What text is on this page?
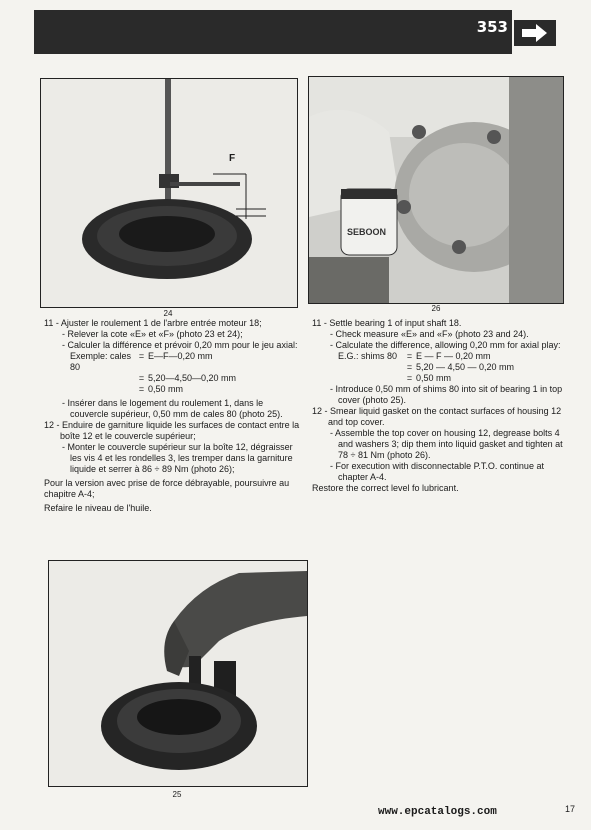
353
F
24
SEBOON
26

11 - Ajuster le roulement 1 de l'arbre entrée moteur 18;

- Relever la cote «E» et «F» (photo 23 et 24);

- Calculer la différence et prévoir 0,20 mm pour le jeu axial:

Exemple: cales 80
= E—F—0,20 mm
= 5,20—4,50—0,20 mm
= 0,50 mm

- Insérer dans le logement du roulement 1, dans le couvercle supérieur, 0,50 mm de cales 80 (photo 25).

12 - Enduire de garniture liquide les surfaces de contact entre la boîte 12 et le couvercle supérieur;

- Monter le couvercle supérieur sur la boîte 12, dégraisser les vis 4 et les rondelles 3, les tremper dans la garniture liquide et serrer à 86 ÷ 89 Nm (photo 26);

Pour la version avec prise de force débrayable, poursuivre au chapitre A-4;

Refaire le niveau de l'huile.

11 - Settle bearing 1 of input shaft 18.

- Check measure «E» and «F» (photo 23 and 24).

- Calculate the difference, allowing 0,20 mm for axial play:

E.G.: shims 80	= E — F — 0,20 mm
= 5,20 — 4,50 — 0,20 mm
= 0,50 mm

- Introduce 0,50 mm of shims 80 into sit of bearing 1 in top cover (photo 25).

12 - Smear liquid gasket on the contact surfaces of housing 12 and top cover.

- Assemble the top cover on housing 12, degrease bolts 4 and washers 3; dip them into liquid gasket and tighten at 78 ÷ 81 Nm (photo 26).

- For execution with disconnectable P.T.O. continue at chapter A-4.

Restore the correct level fo lubricant.

25
www.epcatalogs.com	17
